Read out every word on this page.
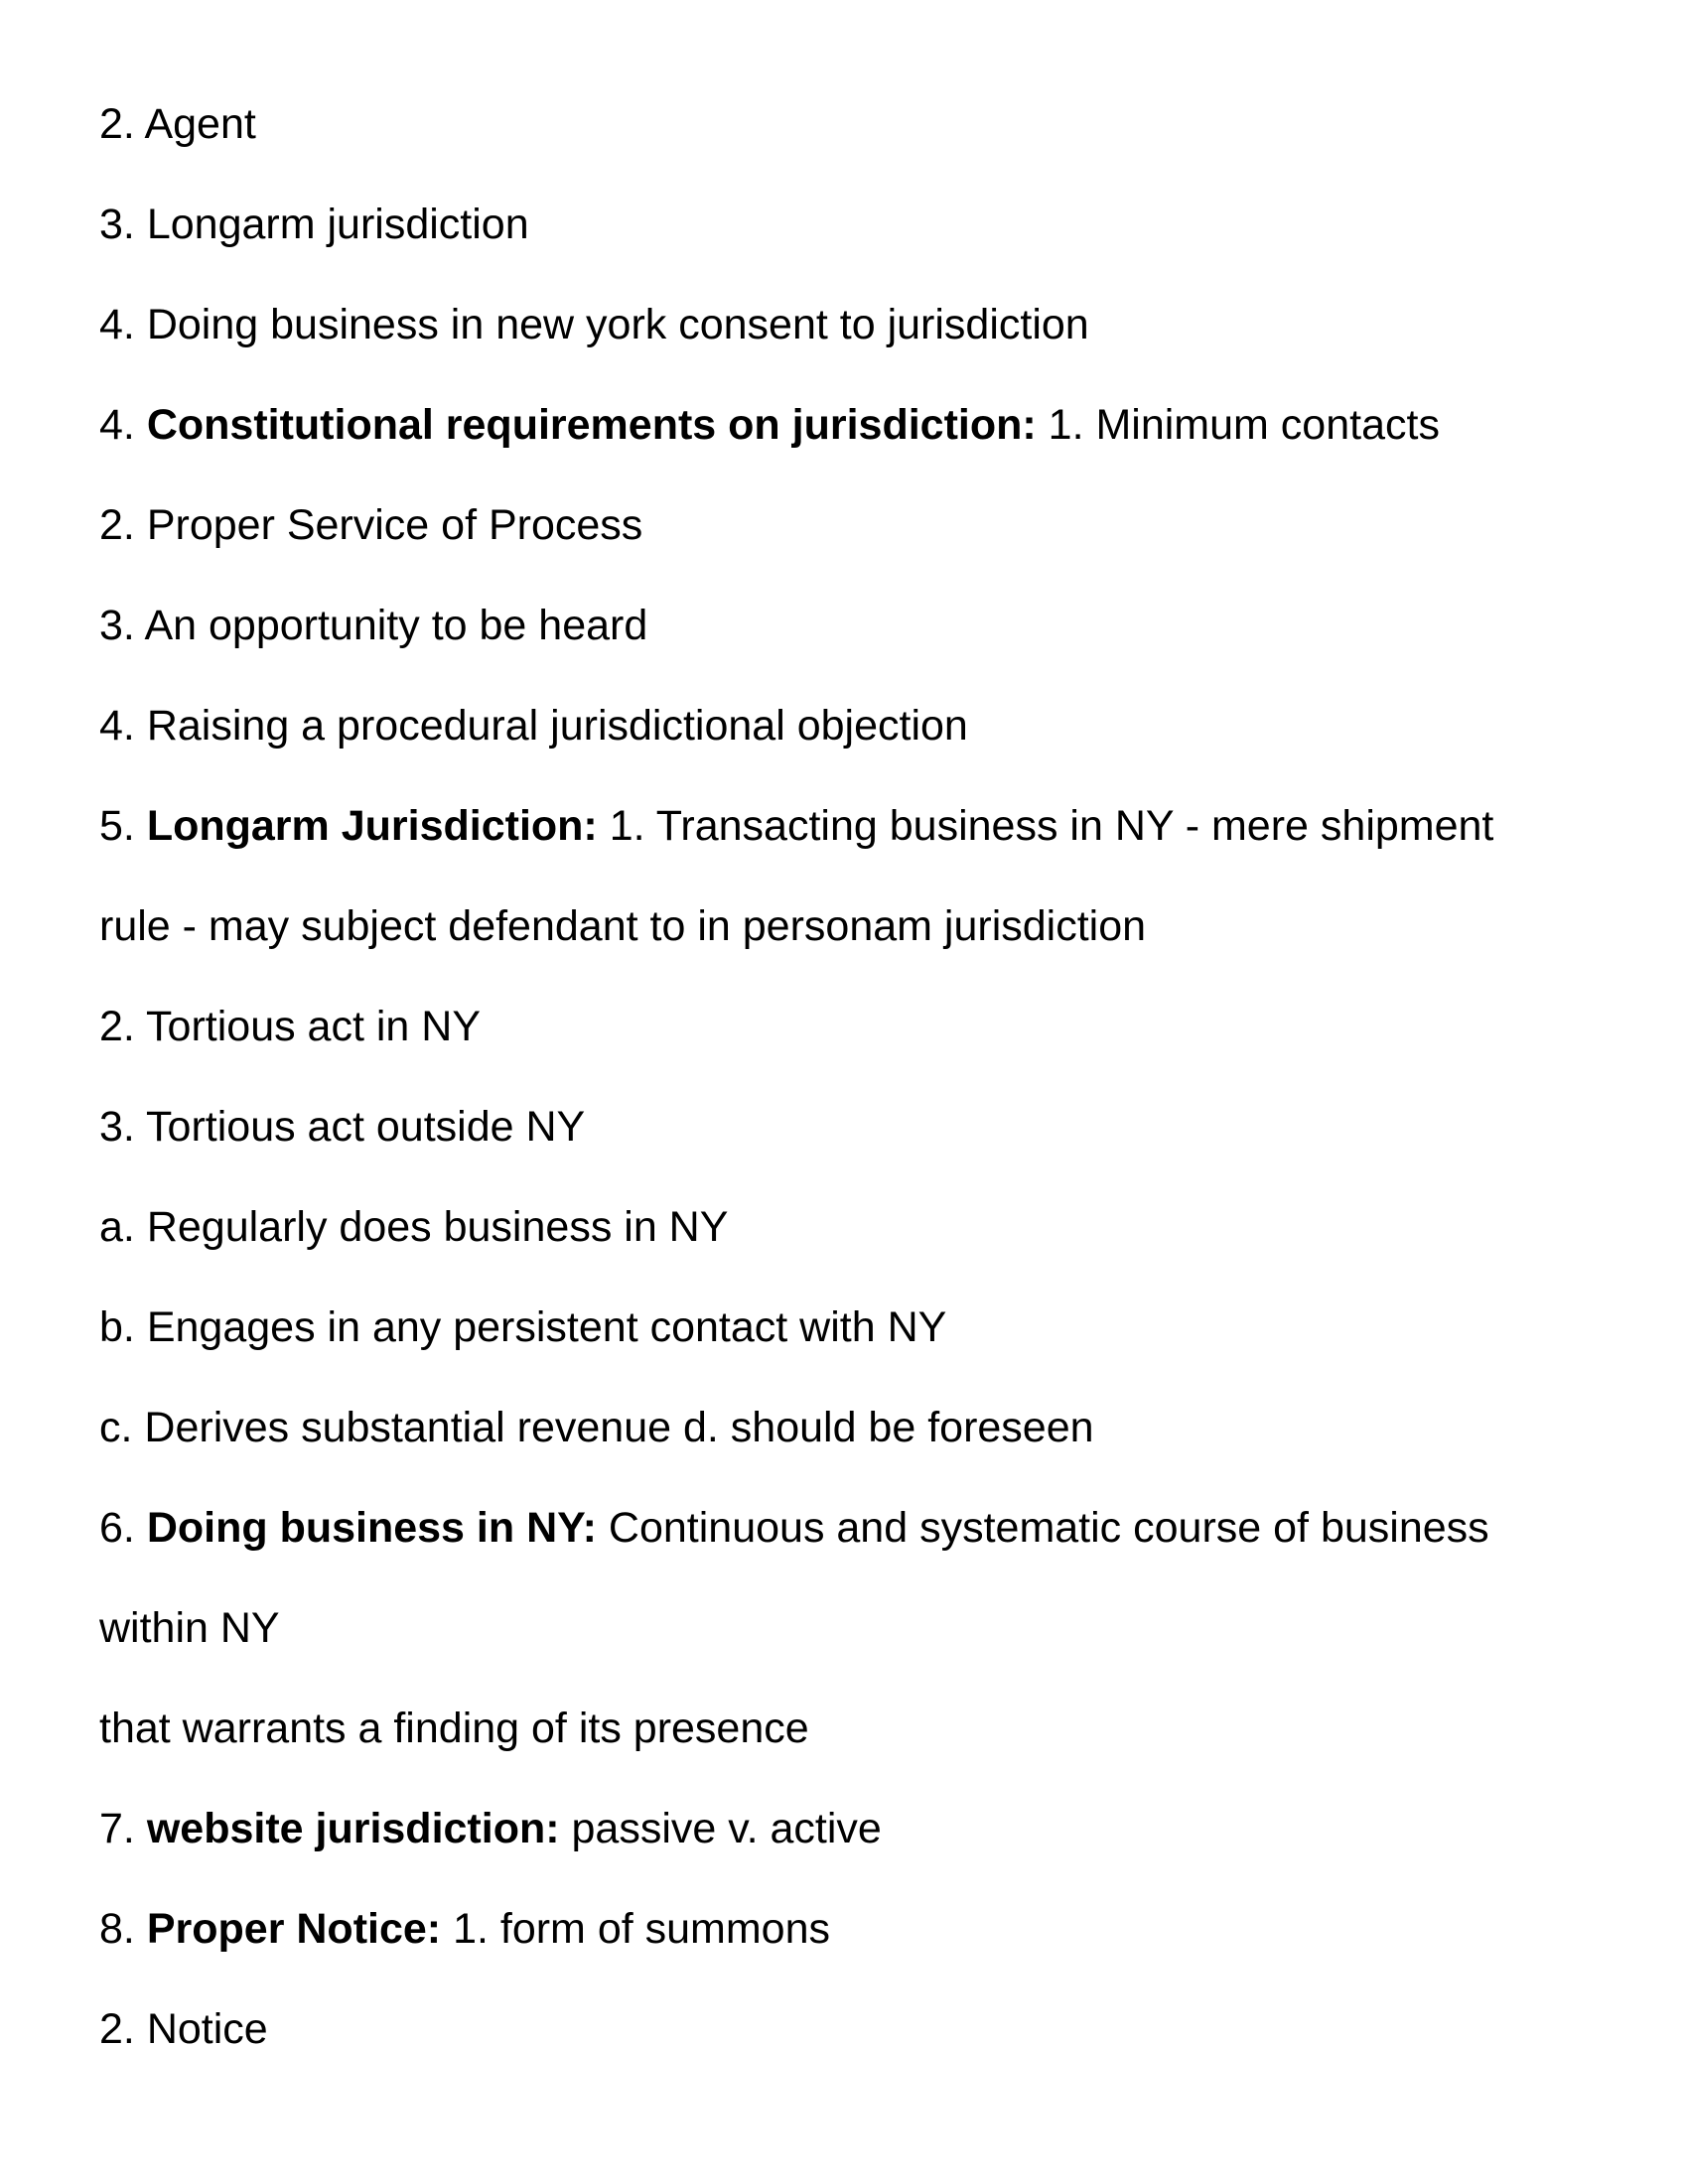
2. Agent
3. Longarm jurisdiction
4. Doing business in new york consent to jurisdiction
4. Constitutional requirements on jurisdiction: 1. Minimum contacts
2. Proper Service of Process
3. An opportunity to be heard
4. Raising a procedural jurisdictional objection
5. Longarm Jurisdiction: 1. Transacting business in NY - mere shipment
rule - may subject defendant to in personam jurisdiction
2. Tortious act in NY
3. Tortious act outside NY
a. Regularly does business in NY
b. Engages in any persistent contact with NY
c. Derives substantial revenue d. should be foreseen
6. Doing business in NY: Continuous and systematic course of business
within NY
that warrants a finding of its presence
7. website jurisdiction: passive v. active
8. Proper Notice: 1. form of summons
2. Notice
